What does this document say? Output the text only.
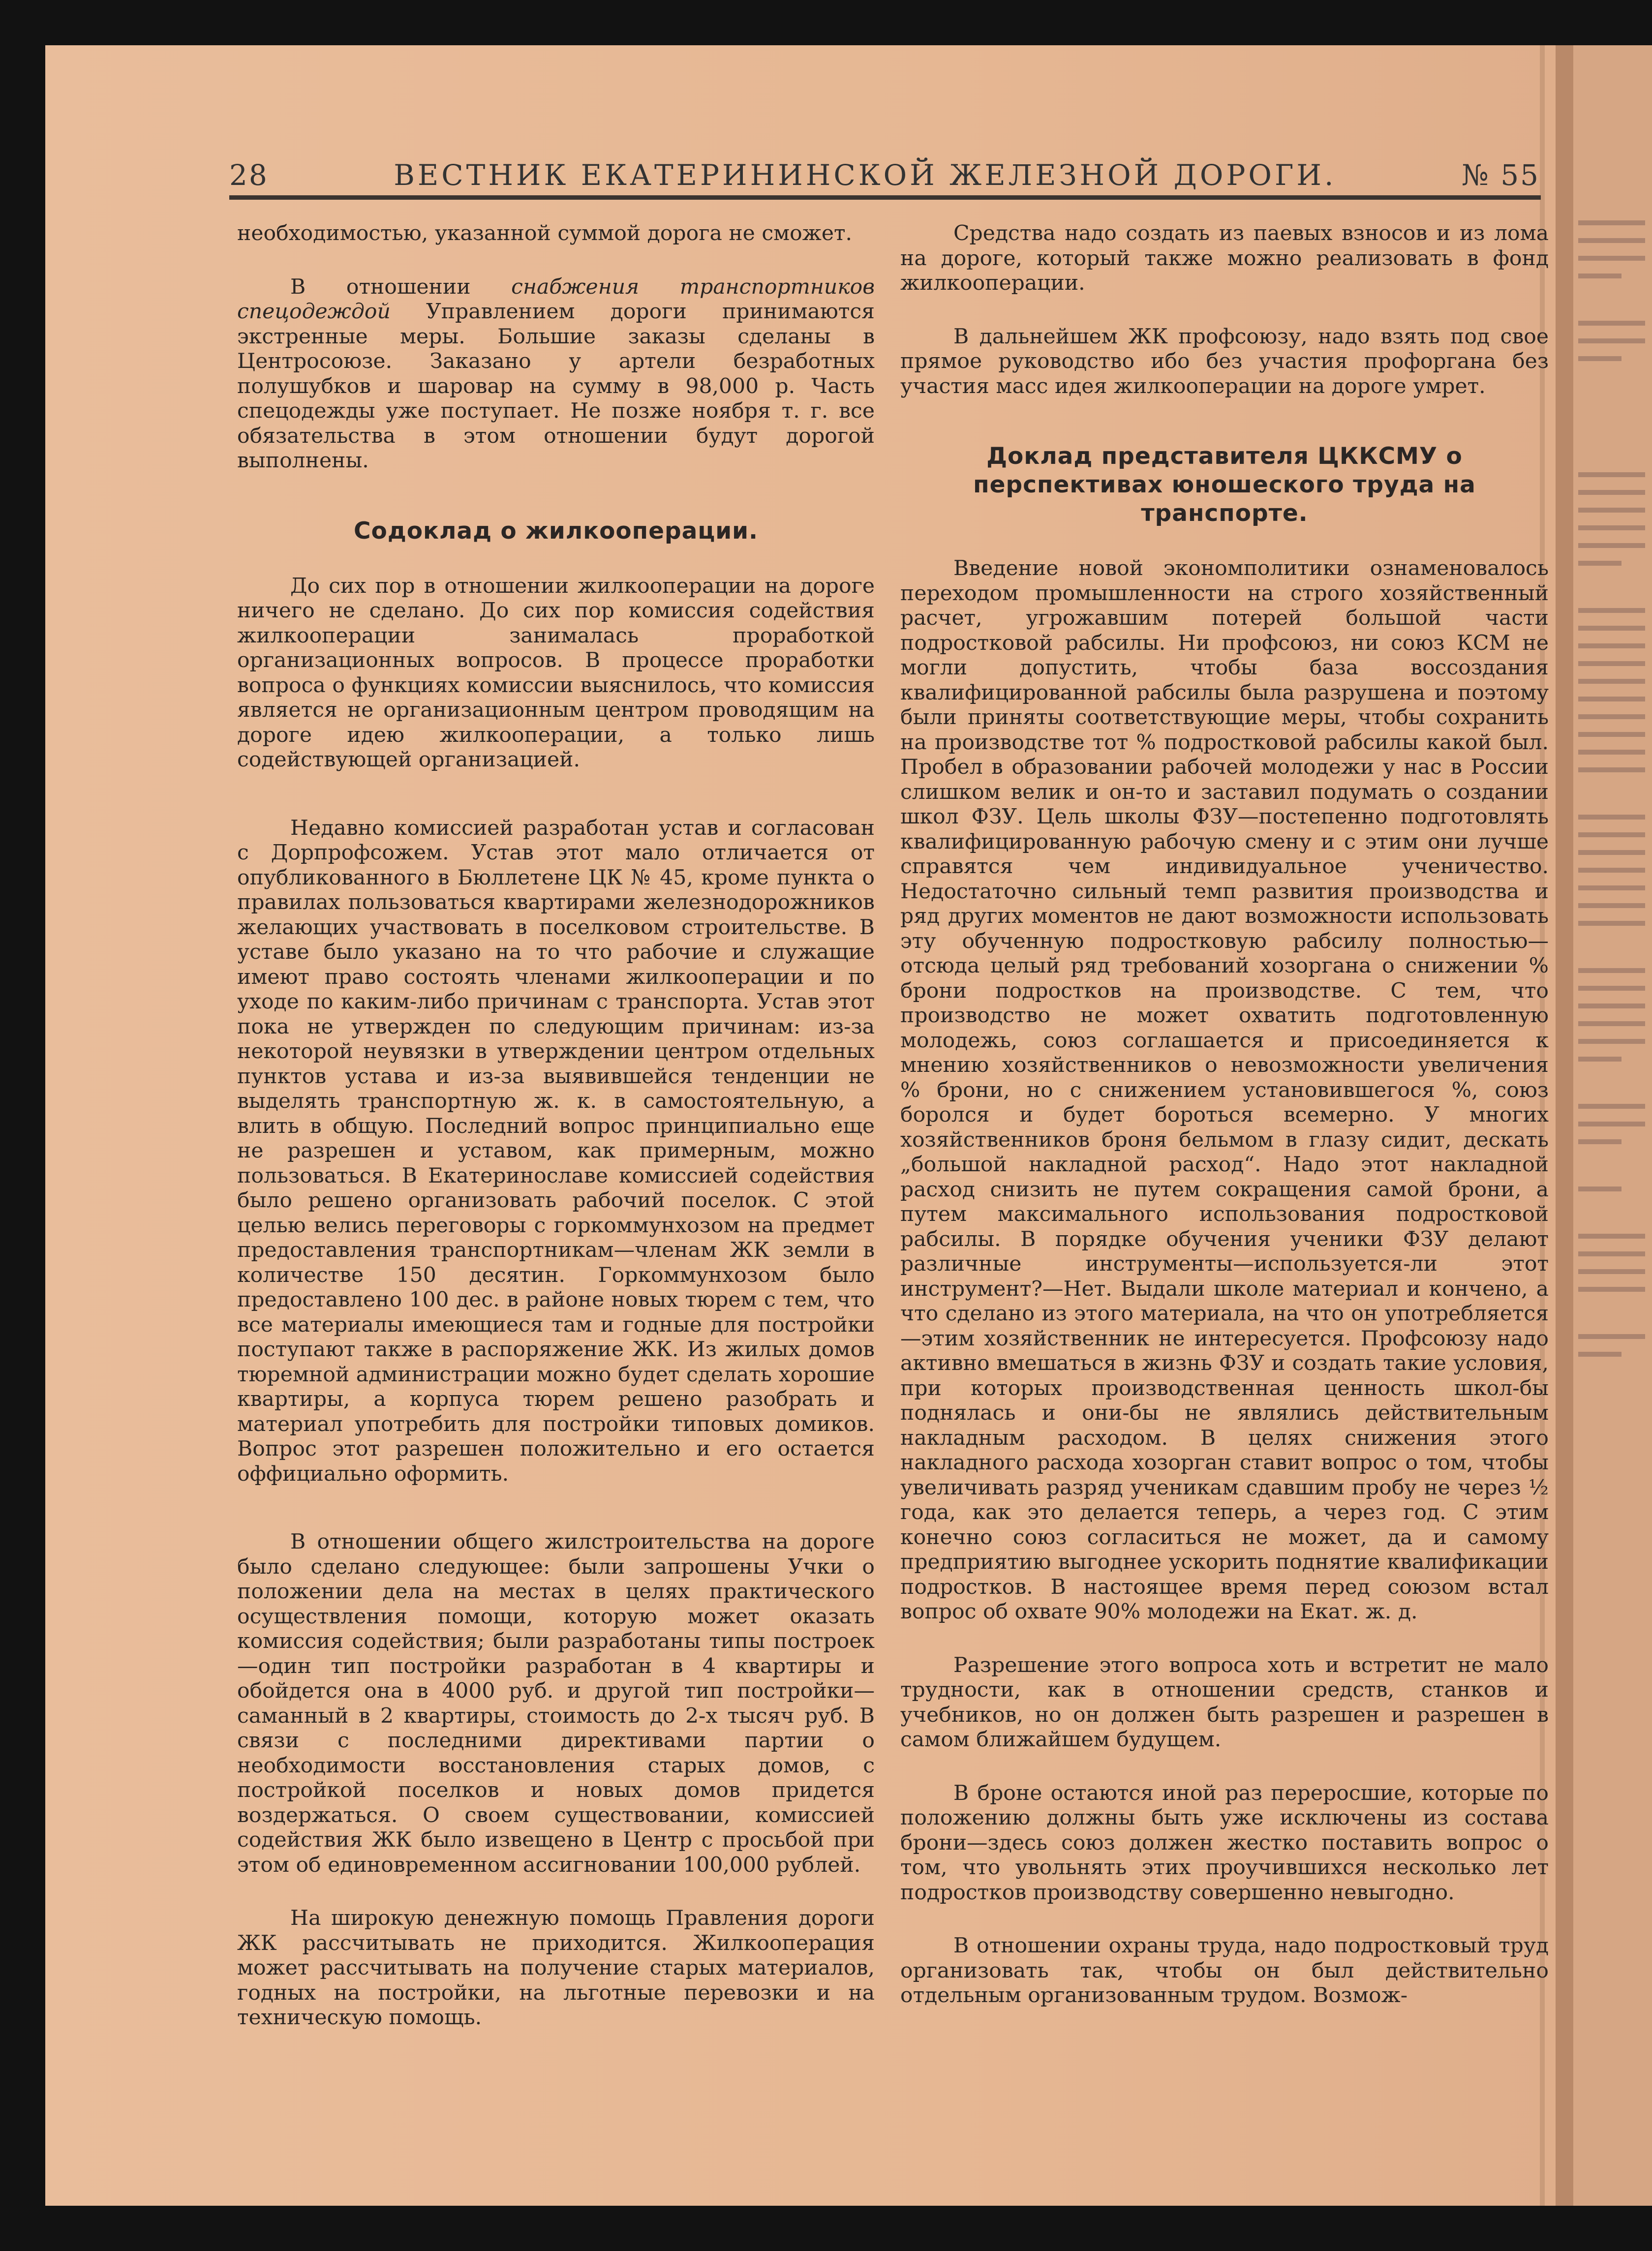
28	ВЕСТНИК ЕКАТЕРИНИНСКОЙ ЖЕЛЕЗНОЙ ДОРОГИ.	№ 55

необходимостью, указанной суммой дорога не сможет.

В отношении снабжения транспортников спецодеждой Управлением дороги принимаются экстренные меры. Большие заказы сделаны в Центросоюзе. Заказано у артели безработных полушубков и шаровар на сумму в 98,000 р. Часть спецодежды уже поступает. Не позже ноября т. г. все обязательства в этом отношении будут дорогой выполнены.

Содоклад о жилкооперации.

До сих пор в отношении жилкооперации на дороге ничего не сделано. До сих пор комиссия содействия жилкооперации занималась проработкой организационных вопросов. В процессе проработки вопроса о функциях комиссии выяснилось, что комиссия является не организационным центром проводящим на дороге идею жилкооперации, а только лишь содействующей организацией.

Недавно комиссией разработан устав и согласован с Дорпрофсожем. Устав этот мало отличается от опубликованного в Бюллетене ЦК № 45, кроме пункта о правилах пользоваться квартирами железнодорожников желающих участвовать в поселковом строительстве. В уставе было указано на то что рабочие и служащие имеют право состоять членами жилкооперации и по уходе по каким-либо причинам с транспорта. Устав этот пока не утвержден по следующим причинам: из-за некоторой неувязки в утверждении центром отдельных пунктов устава и из-за выявившейся тенденции не выделять транспортную ж. к. в самостоятельную, а влить в общую. Последний вопрос принципиально еще не разрешен и уставом, как примерным, можно пользоваться. В Екатеринославе комиссией содействия было решено организовать рабочий поселок. С этой целью велись переговоры с горкоммунхозом на предмет предоставления транспортникам—членам ЖК земли в количестве 150 десятин. Горкоммунхозом было предоставлено 100 дес. в районе новых тюрем с тем, что все материалы имеющиеся там и годные для постройки поступают также в распоряжение ЖК. Из жилых домов тюремной администрации можно будет сделать хорошие квартиры, а корпуса тюрем решено разобрать и материал употребить для постройки типовых домиков. Вопрос этот разрешен положительно и его остается оффициально оформить.

В отношении общего жилстроительства на дороге было сделано следующее: были запрошены Учки о положении дела на местах в целях практического осуществления помощи, которую может оказать комиссия содействия; были разработаны типы построек—один тип постройки разработан в 4 квартиры и обойдется она в 4000 руб. и другой тип постройки—саманный в 2 квартиры, стоимость до 2-х тысяч руб. В связи с последними директивами партии о необходимости восстановления старых домов, с постройкой поселков и новых домов придется воздержаться. О своем существовании, комиссией содействия ЖК было извещено в Центр с просьбой при этом об единовременном ассигновании 100,000 рублей.

На широкую денежную помощь Правления дороги ЖК рассчитывать не приходится. Жилкооперация может рассчитывать на получение старых материалов, годных на постройки, на льготные перевозки и на техническую помощь.

Средства надо создать из паевых взносов и из лома на дороге, который также можно реализовать в фонд жилкооперации.

В дальнейшем ЖК профсоюзу, надо взять под свое прямое руководство ибо без участия профоргана без участия масс идея жилкооперации на дороге умрет.

Доклад представителя ЦККСМУ о перспективах юношеского труда на транспорте.

Введение новой экономполитики ознаменовалось переходом промышленности на строго хозяйственный расчет, угрожавшим потерей большой части подростковой рабсилы. Ни профсоюз, ни союз КСМ не могли допустить, чтобы база воссоздания квалифицированной рабсилы была разрушена и поэтому были приняты соответствующие меры, чтобы сохранить на производстве тот % подростковой рабсилы какой был. Пробел в образовании рабочей молодежи у нас в России слишком велик и он-то и заставил подумать о создании школ ФЗУ. Цель школы ФЗУ—постепенно подготовлять квалифицированную рабочую смену и с этим они лучше справятся чем индивидуальное ученичество. Недостаточно сильный темп развития производства и ряд других моментов не дают возможности использовать эту обученную подростковую рабсилу полностью—отсюда целый ряд требований хозоргана о снижении % брони подростков на производстве. С тем, что производство не может охватить подготовленную молодежь, союз соглашается и присоединяется к мнению хозяйственников о невозможности увеличения % брони, но с снижением установившегося %, союз боролся и будет бороться всемерно. У многих хозяйственников броня бельмом в глазу сидит, дескать „большой накладной расход“. Надо этот накладной расход снизить не путем сокращения самой брони, а путем максимального использования подростковой рабсилы. В порядке обучения ученики ФЗУ делают различные инструменты—используется-ли этот инструмент?—Нет. Выдали школе материал и кончено, а что сделано из этого материала, на что он употребляется—этим хозяйственник не интересуется. Профсоюзу надо активно вмешаться в жизнь ФЗУ и создать такие условия, при которых производственная ценность школ-бы поднялась и они-бы не являлись действительным накладным расходом. В целях снижения этого накладного расхода хозорган ставит вопрос о том, чтобы увеличивать разряд ученикам сдавшим пробу не через ½ года, как это делается теперь, а через год. С этим конечно союз согласиться не может, да и самому предприятию выгоднее ускорить поднятие квалификации подростков. В настоящее время перед союзом встал вопрос об охвате 90% молодежи на Екат. ж. д.

Разрешение этого вопроса хоть и встретит не мало трудности, как в отношении средств, станков и учебников, но он должен быть разрешен и разрешен в самом ближайшем будущем.

В броне остаются иной раз переросшие, которые по положению должны быть уже исключены из состава брони—здесь союз должен жестко поставить вопрос о том, что увольнять этих проучившихся несколько лет подростков производству совершенно невыгодно.

В отношении охраны труда, надо подростковый труд организовать так, чтобы он был действительно отдельным организованным трудом. Возмож-
